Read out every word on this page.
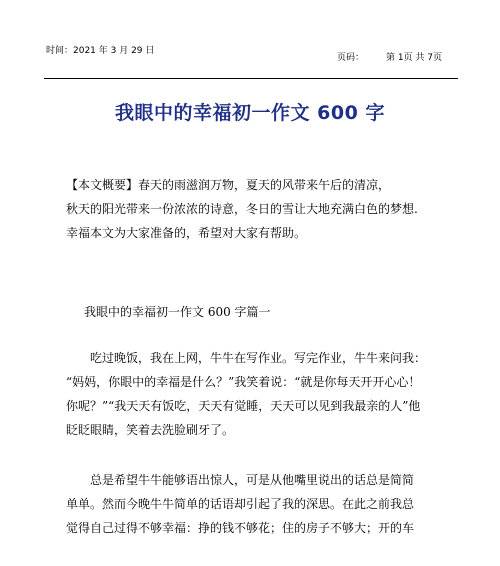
时间：2021 年 3 月 29 日
页码： 第 1页 共 7页
我眼中的幸福初一作文 600 字
【本文概要】春天的雨滋润万物，夏天的风带来午后的清凉，
秋天的阳光带来一份浓浓的诗意，冬日的雪让大地充满白色的梦想.
幸福本文为大家准备的，希望对大家有帮助。
我眼中的幸福初一作文 600 字篇一
　　吃过晚饭，我在上网，牛牛在写作业。写完作业，牛牛来问我：
“妈妈，你眼中的幸福是什么？”我笑着说：“就是你每天开开心心！
你呢？”“我天天有饭吃，天天有觉睡，天天可以见到我最亲的人”他
眨眨眼睛，笑着去洗脸刷牙了。
　　总是希望牛牛能够语出惊人，可是从他嘴里说出的话总是简简
单单。然而今晚牛牛简单的话语却引起了我的深思。在此之前我总
觉得自己过得不够幸福：挣的钱不够花；住的房子不够大；开的车
